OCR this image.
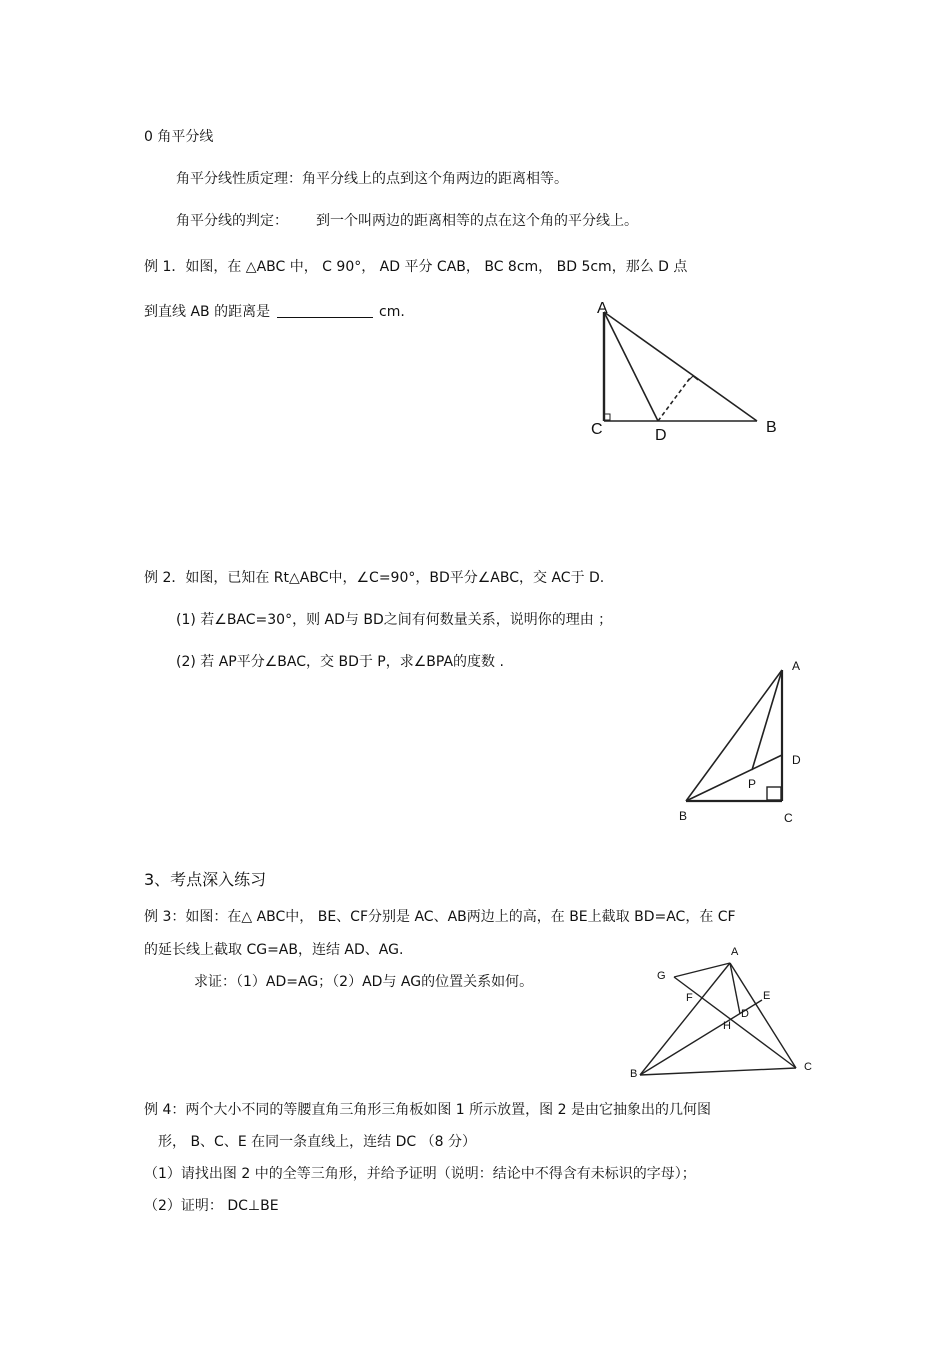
0 角平分线
角平分线性质定理：角平分线上的点到这个角两边的距离相等。
角平分线的判定： 到一个叫两边的距离相等的点在这个角的平分线上。
例 1．如图，在 △ABC 中， C 90°， AD 平分 CAB， BC 8cm， BD 5cm，那么 D 点
到直线 AB 的距离是	cm.	A
C	D	B
A
D
P
B	C
A
G
F	E
D
H
B
C
例 2．如图，已知在 Rt△ABC中，∠C=90°，BD平分∠ABC，交 AC于 D.
(1) 若∠BAC=30°，则 AD与 BD之间有何数量关系，说明你的理由 ；
(2) 若 AP平分∠BAC，交 BD于 P，求∠BPA的度数 .
3、考点深入练习
例 3：如图：在△ ABC中， BE、CF分别是 AC、AB两边上的高，在 BE上截取 BD=AC，在 CF
的延长线上截取 CG=AB，连结 AD、AG.
求证：（1）AD=AG；（2）AD与 AG的位置关系如何。
例 4：两个大小不同的等腰直角三角形三角板如图 1 所示放置，图 2 是由它抽象出的几何图
形， B、C、E 在同一条直线上，连结 DC （8 分）
（1）请找出图 2 中的全等三角形，并给予证明（说明：结论中不得含有未标识的字母）；
（2）证明： DC⊥BE
